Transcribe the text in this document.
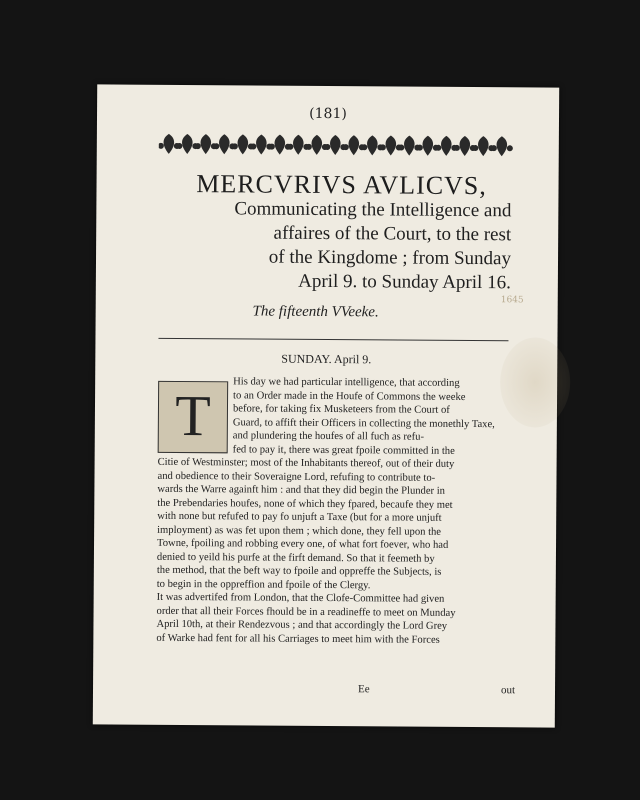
(181)
MERCVRIVS AVLICVS,
Communicating the Intelligence and
affaires of the Court, to the rest
of the Kingdome ; from Sunday
April 9. to Sunday April 16.
The fifteenth VVeeke.
1645
SUNDAY. April 9.
T
His day we had particular intelligence, that according
to an Order made in the Houfe of Commons the weeke
before, for taking fix Musketeers from the Court of
Guard, to affift their Officers in collecting the monethly Taxe,
and plundering the houfes of all fuch as refu-
fed to pay it, there was great fpoile committed in the
Citie of Westminster; most of the Inhabitants thereof, out of their duty
and obedience to their Soveraigne Lord, refufing to contribute to-
wards the Warre againft him : and that they did begin the Plunder in
the Prebendaries houfes, none of which they fpared, becaufe they met
with none but refufed to pay fo unjuft a Taxe (but for a more unjuft
imployment) as was fet upon them ; which done, they fell upon the
Towne, fpoiling and robbing every one, of what fort foever, who had
denied to yeild his purfe at the firft demand. So that it feemeth by
the method, that the beft way to fpoile and oppreffe the Subjects, is
to begin in the oppreffion and fpoile of the Clergy.
It was advertifed from London, that the Clofe-Committee had given
order that all their Forces fhould be in a readineffe to meet on Munday
April 10th, at their Rendezvous ; and that accordingly the Lord Grey
of Warke had fent for all his Carriages to meet him with the Forces
Ee	out
